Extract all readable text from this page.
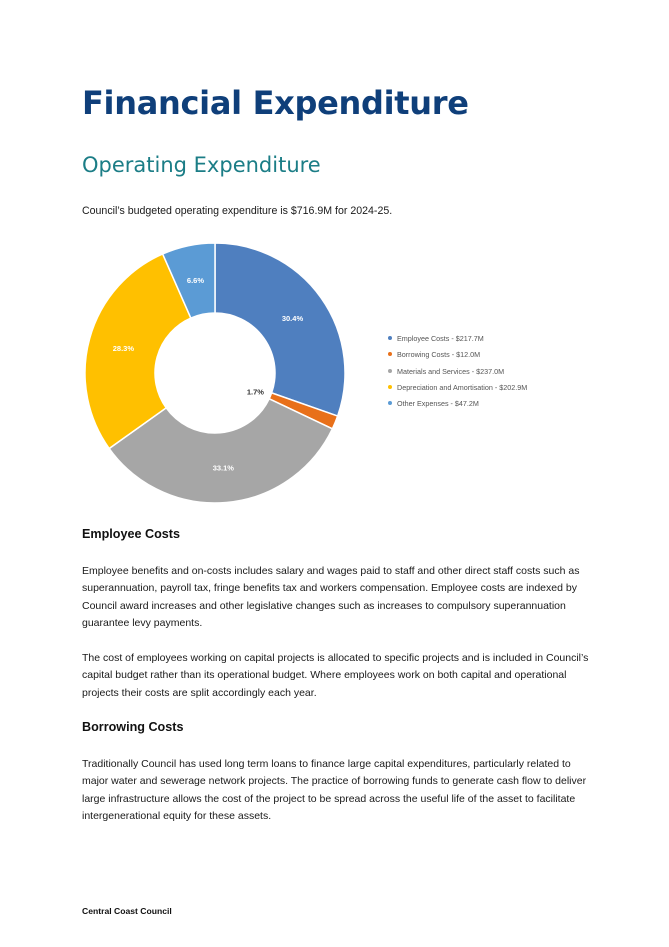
Financial Expenditure
Operating Expenditure

Council’s budgeted operating expenditure is $716.9M for 2024-25.

30.4%
1.7%
33.1%
28.3%
6.6%
Employee Costs - $217.7M
Borrowing Costs - $12.0M
Materials and Services - $237.0M
Depreciation and Amortisation - $202.9M
Other Expenses - $47.2M
Employee Costs

Employee benefits and on-costs includes salary and wages paid to staff and other direct staff costs such as superannuation, payroll tax, fringe benefits tax and workers compensation. Employee costs are indexed by Council award increases and other legislative changes such as increases to compulsory superannuation guarantee levy payments.

The cost of employees working on capital projects is allocated to specific projects and is included in Council’s capital budget rather than its operational budget. Where employees work on both capital and operational projects their costs are split accordingly each year.

Borrowing Costs

Traditionally Council has used long term loans to finance large capital expenditures, particularly related to major water and sewerage network projects. The practice of borrowing funds to generate cash flow to deliver large infrastructure allows the cost of the project to be spread across the useful life of the asset to facilitate intergenerational equity for these assets.

Central Coast Council
